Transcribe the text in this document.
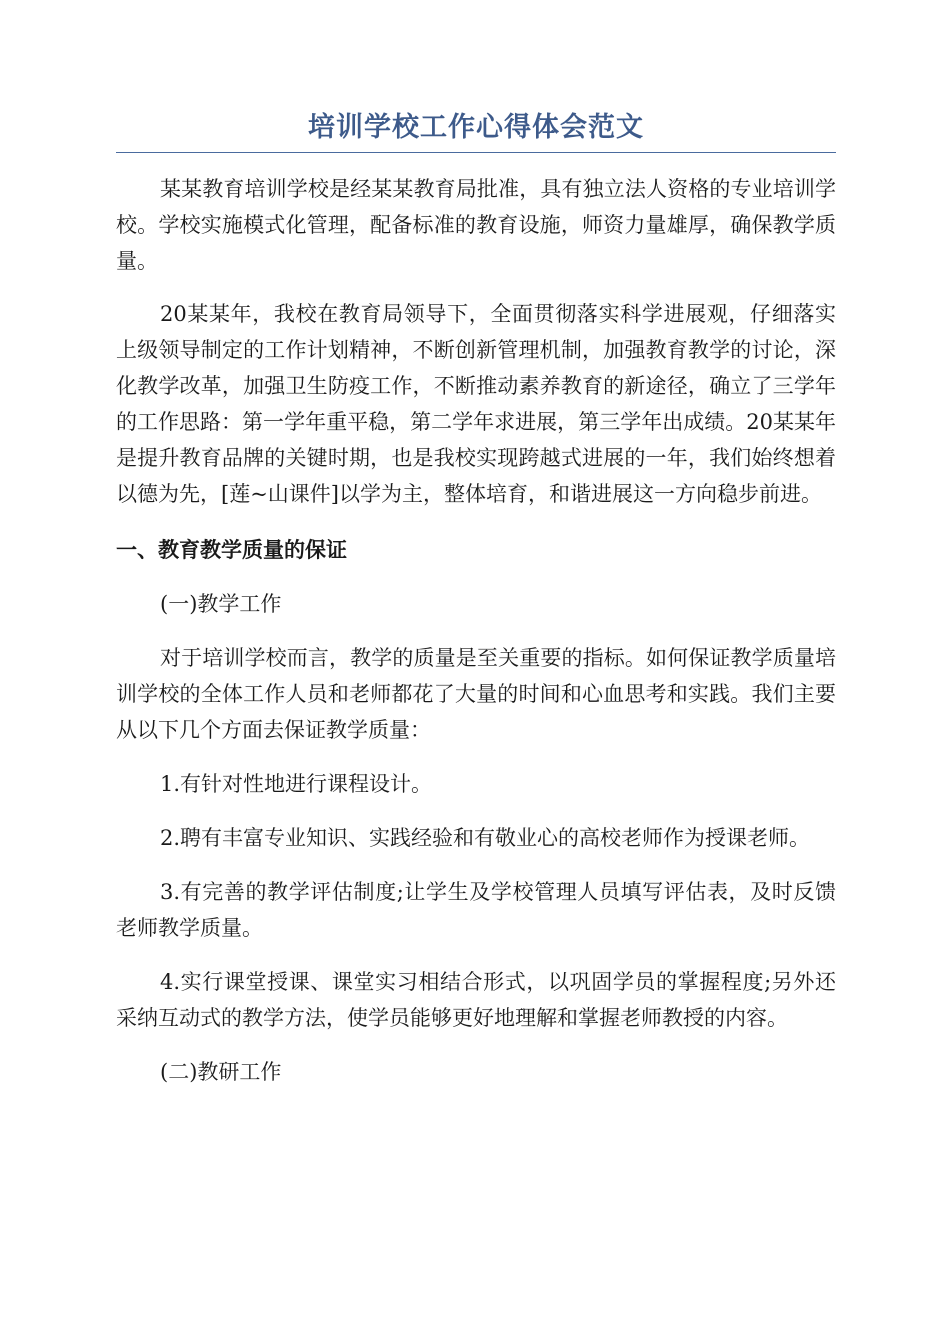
培训学校工作心得体会范文

某某教育培训学校是经某某教育局批准，具有独立法人资格的专业培训学校。学校实施模式化管理，配备标准的教育设施，师资力量雄厚，确保教学质量。

20某某年，我校在教育局领导下，全面贯彻落实科学进展观，仔细落实上级领导制定的工作计划精神，不断创新管理机制，加强教育教学的讨论，深化教学改革，加强卫生防疫工作，不断推动素养教育的新途径，确立了三学年的工作思路：第一学年重平稳，第二学年求进展，第三学年出成绩。20某某年是提升教育品牌的关键时期，也是我校实现跨越式进展的一年，我们始终想着以德为先，[莲~山课件]以学为主，整体培育，和谐进展这一方向稳步前进。

一、教育教学质量的保证

(一)教学工作

对于培训学校而言，教学的质量是至关重要的指标。如何保证教学质量培训学校的全体工作人员和老师都花了大量的时间和心血思考和实践。我们主要从以下几个方面去保证教学质量：

1.有针对性地进行课程设计。

2.聘有丰富专业知识、实践经验和有敬业心的高校老师作为授课老师。

3.有完善的教学评估制度;让学生及学校管理人员填写评估表，及时反馈老师教学质量。

4.实行课堂授课、课堂实习相结合形式，以巩固学员的掌握程度;另外还采纳互动式的教学方法，使学员能够更好地理解和掌握老师教授的内容。

(二)教研工作
